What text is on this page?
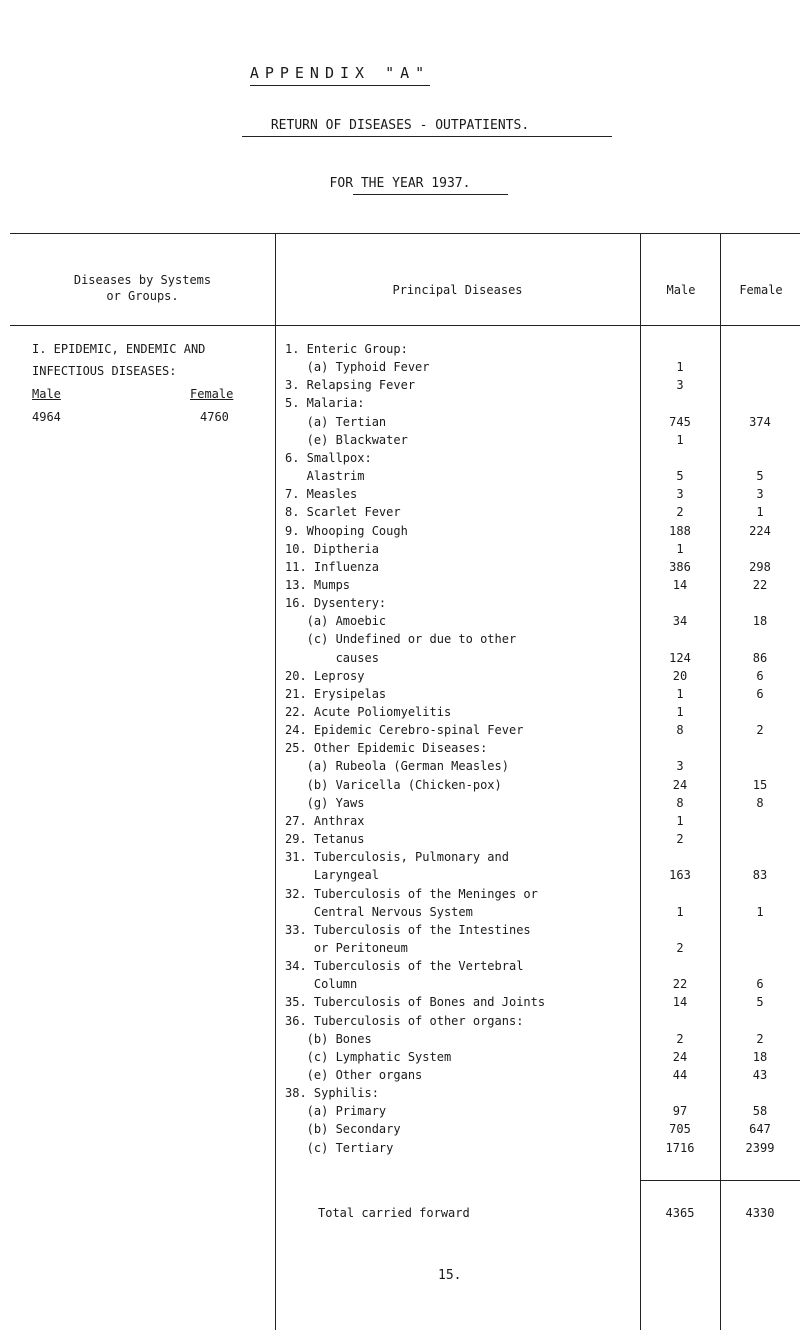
APPENDIX "A"
RETURN OF DISEASES - OUTPATIENTS.
FOR THE YEAR 1937.
Diseases by Systems
or Groups.	Principal Diseases	Male	Female
I. EPIDEMIC, ENDEMIC AND
INFECTIOUS DISEASES:
Male	Female
4964	4760
1. Enteric Group:
(a) Typhoid Fever	1
3. Relapsing Fever	3
5. Malaria:
(a) Tertian	745	374
(e) Blackwater	1
6. Smallpox:
Alastrim	5	5
7. Measles	3	3
8. Scarlet Fever	2	1
9. Whooping Cough	188	224
10. Diptheria	1
11. Influenza	386	298
13. Mumps	14	22
16. Dysentery:
(a) Amoebic	34	18
(c) Undefined or due to other
causes	124	86
20. Leprosy	20	6
21. Erysipelas	1	6
22. Acute Poliomyelitis	1
24. Epidemic Cerebro-spinal Fever	8	2
25. Other Epidemic Diseases:
(a) Rubeola (German Measles)	3
(b) Varicella (Chicken-pox)	24	15
(g) Yaws	8	8
27. Anthrax	1
29. Tetanus	2
31. Tuberculosis, Pulmonary and
Laryngeal	163	83
32. Tuberculosis of the Meninges or
Central Nervous System	1	1
33. Tuberculosis of the Intestines
or Peritoneum	2
34. Tuberculosis of the Vertebral
Column	22	6
35. Tuberculosis of Bones and Joints	14	5
36. Tuberculosis of other organs:
(b) Bones	2	2
(c) Lymphatic System	24	18
(e) Other organs	44	43
38. Syphilis:
(a) Primary	97	58
(b) Secondary	705	647
(c) Tertiary	1716	2399
Total carried forward	4365	4330
15.
